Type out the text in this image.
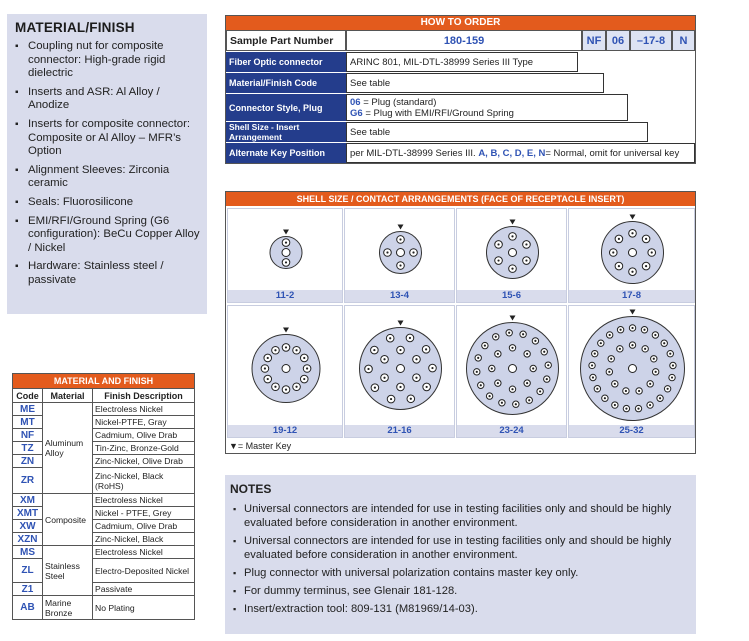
MATERIAL/FINISH
▪ Coupling nut for composite connector: High-grade rigid dielectric
▪ Inserts and ASR: Al Alloy / Anodize
▪ Inserts for composite connector: Composite or Al Alloy – MFR’s Option
▪ Alignment Sleeves: Zirconia ceramic
▪ Seals: Fluorosilicone
▪ EMI/RFI/Ground Spring (G6 configuration): BeCu Copper Alloy / Nickel
▪ Hardware: Stainless steel / passivate
HOW TO ORDER
Sample Part Number	180-159	NF 06	–17-8	N
Fiber Optic connector	ARINC 801, MIL-DTL-38999 Series III Type
Material/Finish Code	See table
Connector Style, Plug	06 = Plug (standard)
G6 = Plug with EMI/RFI/Ground Spring
Shell Size - Insert Arrangement	See table
Alternate Key Position	per MIL-DTL-38999 Series III.
A, B, C, D, E, N = Normal, omit for universal key
SHELL SIZE / CONTACT ARRANGEMENTS (FACE OF RECEPTACLE INSERT)
11-2	13-4	15-6	17-8
19-12	21-16	23-24	25-32
▼= Master Key
MATERIAL AND FINISH		
Code	Material	Finish Description
ME	Aluminum Alloy	Electroless Nickel
MT		Nickel-PTFE, Gray
NF		Cadmium, Olive Drab
TZ		Tin-Zinc, Bronze-Gold
ZN		Zinc-Nickel, Olive Drab
ZR		Zinc-Nickel, Black (RoHS)
XM	Composite	Electroless Nickel
XMT		Nickel - PTFE, Grey
XW		Cadmium, Olive Drab
XZN		Zinc-Nickel, Black
MS	Stainless Steel	Electroless Nickel
ZL		Electro-Deposited Nickel
Z1		Passivate
AB	Marine Bronze	No Plating
NOTES
▪ Universal connectors are intended for use in testing facilities only and should be highly evaluated before consideration in another environment.
▪ Universal connectors are intended for use in testing facilities only and should be highly evaluated before consideration in another environment.
▪ Plug connector with universal polarization contains master key only.
▪ For dummy terminus, see Glenair 181-128.
▪ Insert/extraction tool: 809-131 (M81969/14-03).
